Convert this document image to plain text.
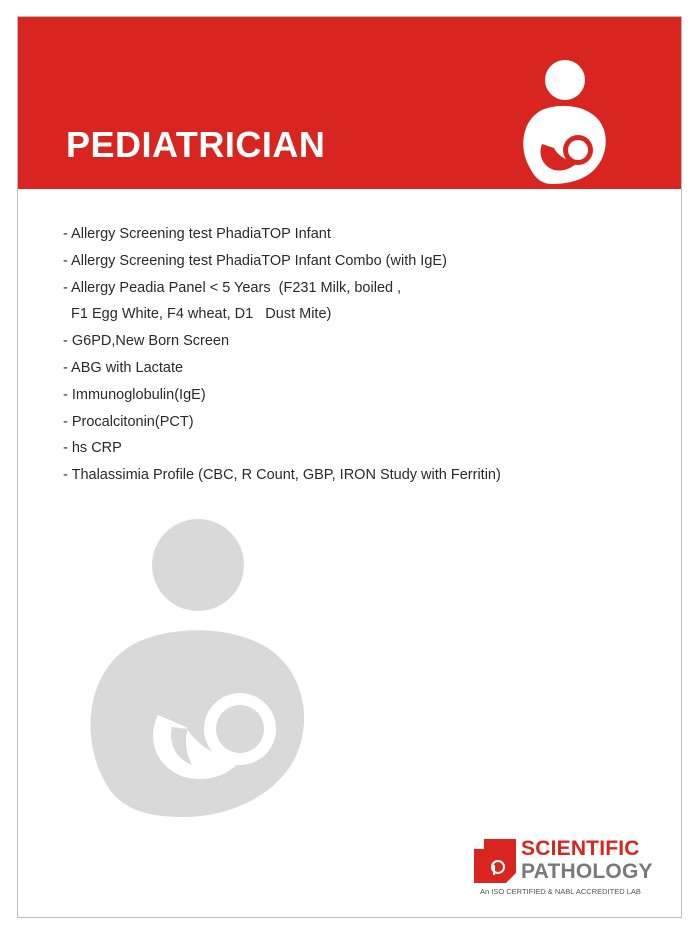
PEDIATRICIAN
- Allergy Screening test PhadiaTOP Infant
- Allergy Screening test PhadiaTOP Infant Combo (with IgE)
- Allergy Peadia Panel < 5 Years  (F231 Milk, boiled ,
F1 Egg White, F4 wheat, D1   Dust Mite)
- G6PD,New Born Screen
- ABG with Lactate
- Immunoglobulin(IgE)
- Procalcitonin(PCT)
- hs CRP
- Thalassimia Profile (CBC, R Count, GBP, IRON Study with Ferritin)
SCIENTIFIC
PATHOLOGY
An ISO CERTIFIED & NABL ACCREDITED LAB
